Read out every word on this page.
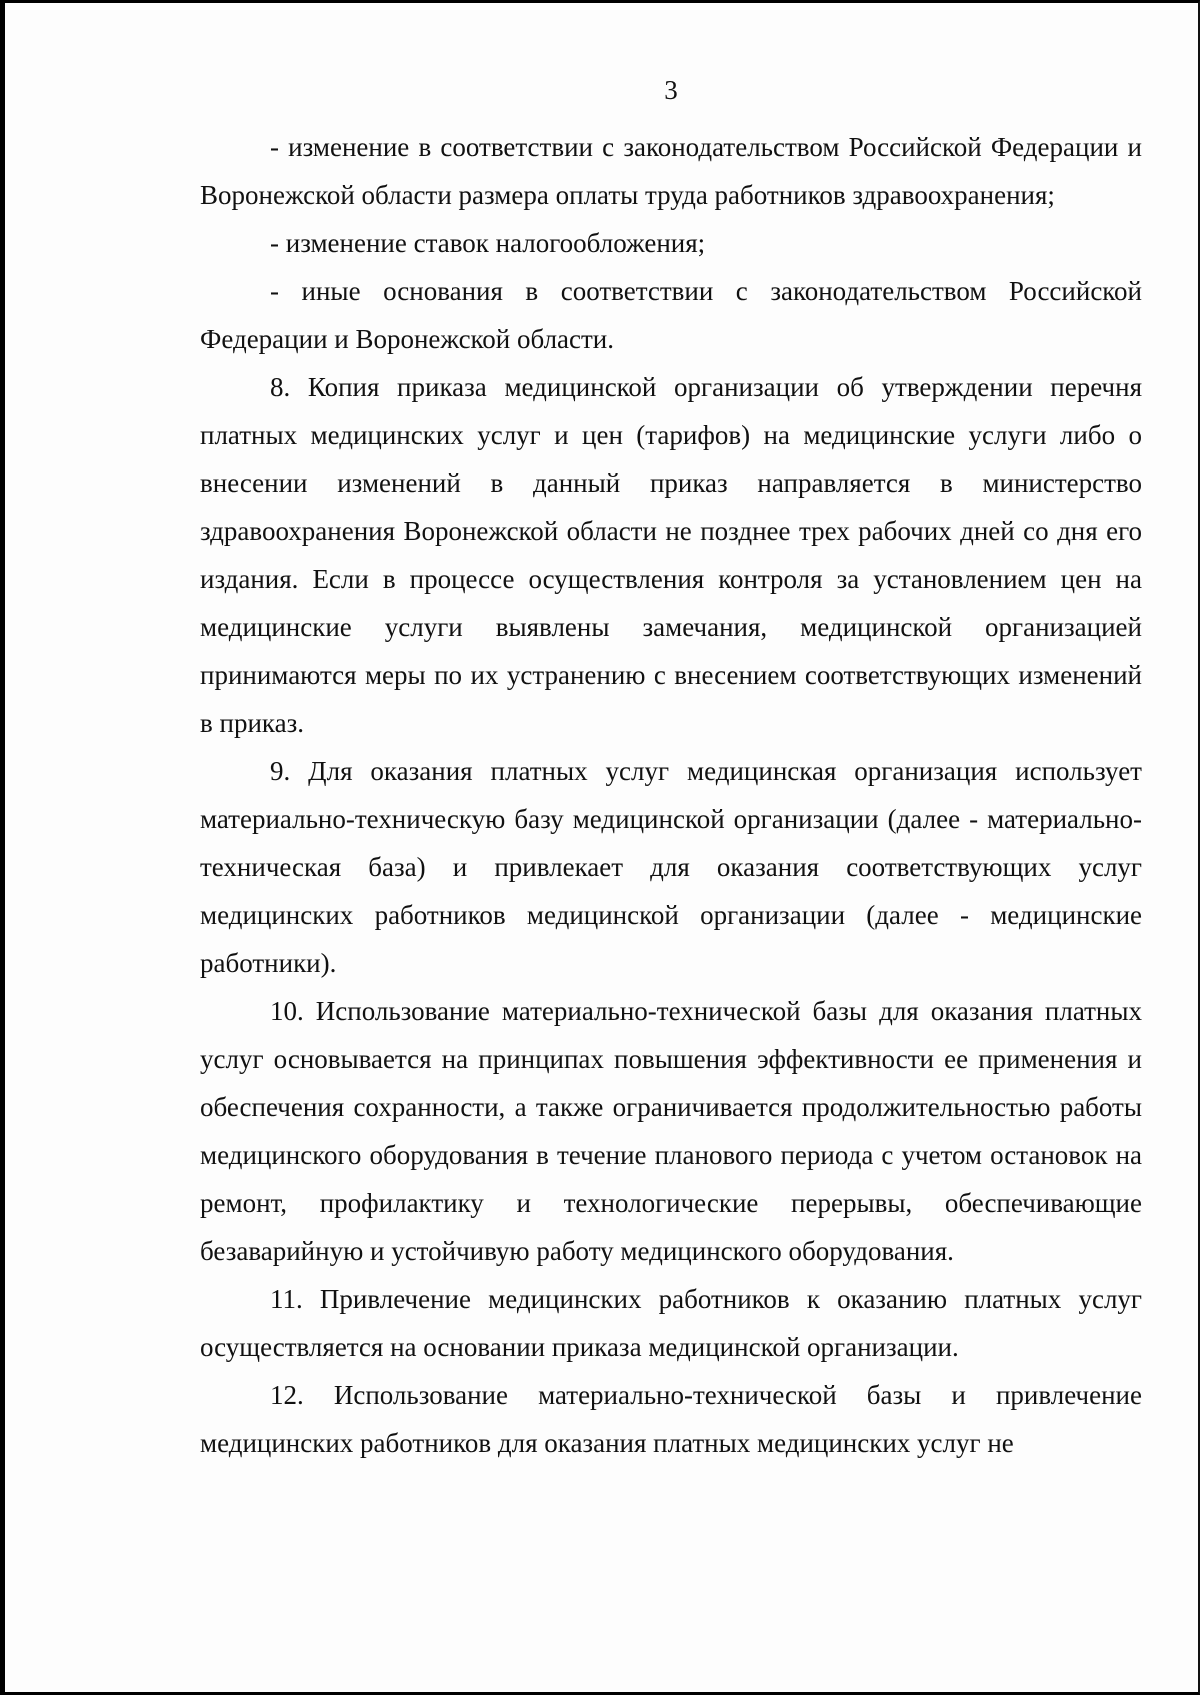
3

- изменение в соответствии с законодательством Российской Федерации и Воронежской области размера оплаты труда работников здравоохранения;

- изменение ставок налогообложения;

- иные основания в соответствии с законодательством Российской Федерации и Воронежской области.

8. Копия приказа медицинской организации об утверждении перечня платных медицинских услуг и цен (тарифов) на медицинские услуги либо о внесении изменений в данный приказ направляется в министерство здравоохранения Воронежской области не позднее трех рабочих дней со дня его издания. Если в процессе осуществления контроля за установлением цен на медицинские услуги выявлены замечания, медицинской организацией принимаются меры по их устранению с внесением соответствующих изменений в приказ.

9. Для оказания платных услуг медицинская организация использует материально-техническую базу медицинской организации (далее - материально-техническая база) и привлекает для оказания соответствующих услуг медицинских работников медицинской организации (далее - медицинские работники).

10. Использование материально-технической базы для оказания платных услуг основывается на принципах повышения эффективности ее применения и обеспечения сохранности, а также ограничивается продолжительностью работы медицинского оборудования в течение планового периода с учетом остановок на ремонт, профилактику и технологические перерывы, обеспечивающие безаварийную и устойчивую работу медицинского оборудования.

11. Привлечение медицинских работников к оказанию платных услуг осуществляется на основании приказа медицинской организации.

12. Использование материально-технической базы и привлечение медицинских работников для оказания платных медицинских услуг не
